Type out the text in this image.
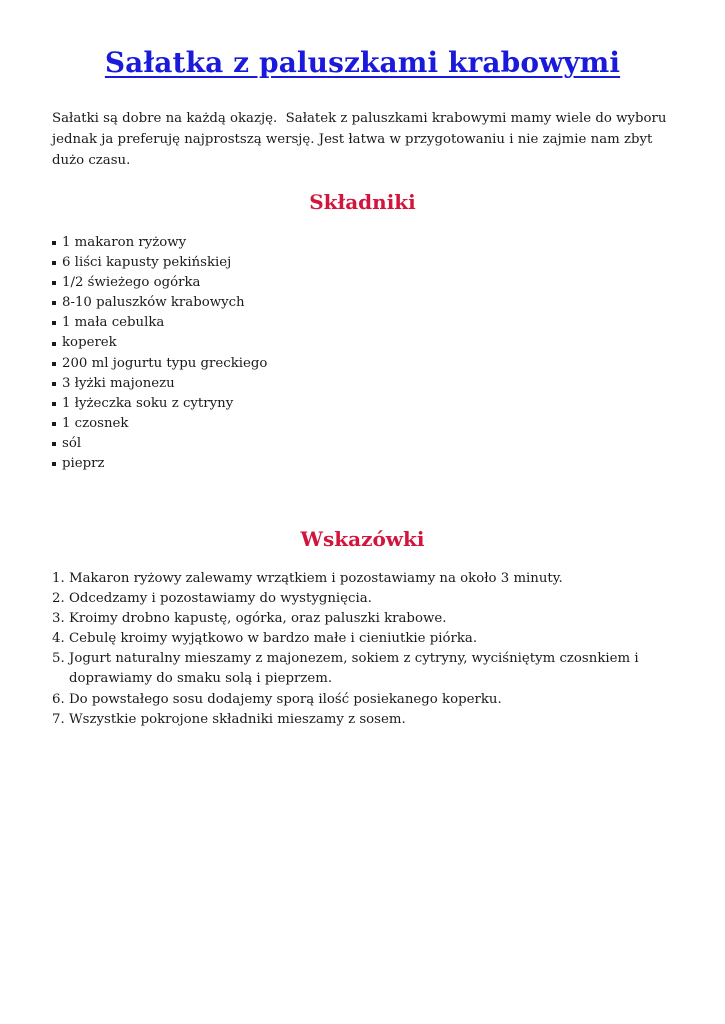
Sałatka z paluszkami krabowymi

Sałatki są dobre na każdą okazję.  Sałatek z paluszkami krabowymi mamy wiele do wyboru jednak ja preferuję najprostszą wersję. Jest łatwa w przygotowaniu i nie zajmie nam zbyt dużo czasu.

Składniki
1 makaron ryżowy
6 liści kapusty pekińskiej
1/2 świeżego ogórka
8-10 paluszków krabowych
1 mała cebulka
koperek
200 ml jogurtu typu greckiego
3 łyżki majonezu
1 łyżeczka soku z cytryny
1 czosnek
sól
pieprz
Wskazówki
1. Makaron ryżowy zalewamy wrzątkiem i pozostawiamy na około 3 minuty.
2. Odcedzamy i pozostawiamy do wystygnięcia.
3. Kroimy drobno kapustę, ogórka, oraz paluszki krabowe.
4. Cebulę kroimy wyjątkowo w bardzo małe i cieniutkie piórka.
5. Jogurt naturalny mieszamy z majonezem, sokiem z cytryny, wyciśniętym czosnkiem i doprawiamy do smaku solą i pieprzem.
6. Do powstałego sosu dodajemy sporą ilość posiekanego koperku.
7. Wszystkie pokrojone składniki mieszamy z sosem.
